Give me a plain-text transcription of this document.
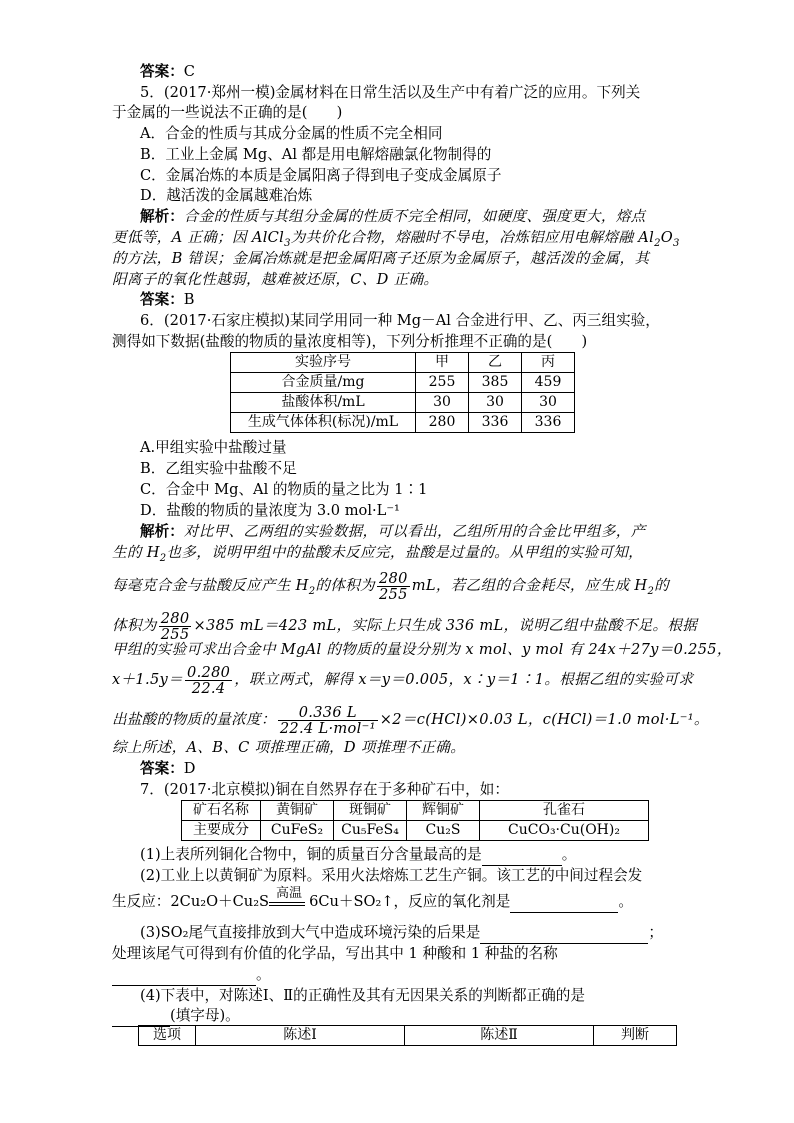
答案：C
5．(2017·郑州一模)金属材料在日常生活以及生产中有着广泛的应用。下列关
于金属的一些说法不正确的是(　　)
A．合金的性质与其成分金属的性质不完全相同
B．工业上金属 Mg、Al 都是用电解熔融氯化物制得的
C．金属冶炼的本质是金属阳离子得到电子变成金属原子
D．越活泼的金属越难冶炼
解析：合金的性质与其组分金属的性质不完全相同，如硬度、强度更大，熔点
更低等，A 正确；因 AlCl$_3$为共价化合物，熔融时不导电，冶炼铝应用电解熔融 $Al_2O_3$
的方法，B 错误；金属冶炼就是把金属阳离子还原为金属原子，越活泼的金属，其
阳离子的氧化性越弱，越难被还原，C、D 正确。
答案：B
6．(2017·石家庄模拟)某同学用同一种 Mg－Al 合金进行甲、乙、丙三组实验，
测得如下数据(盐酸的物质的量浓度相等)，下列分析推理不正确的是(　　)
实验序号	甲	乙	丙
合金质量/mg	255	385	459
盐酸体积/mL	30	30	30
生成气体体积(标况)/mL	280	336	336
A.甲组实验中盐酸过量
B．乙组实验中盐酸不足
C．合金中 Mg、Al 的物质的量之比为 1∶1
D．盐酸的物质的量浓度为 3.0 mol·L⁻¹
解析：对比甲、乙两组的实验数据，可以看出，乙组所用的合金比甲组多，产
生的 $H_2$也多，说明甲组中的盐酸未反应完，盐酸是过量的。从甲组的实验可知，
每毫克合金与盐酸反应产生 $H_2$的体积为 $\frac{280}{255}$ mL，若乙组的合金耗尽，应生成 $H_2$的
体积为 $\frac{280}{255} \times 385$ mL＝423 mL，实际上只生成 336 mL，说明乙组中盐酸不足。根据
甲组的实验可求出合金中 MgAl 的物质的量设分别为 x mol、y mol 有 24x＋27y＝0.255，
$x+1.5y= \frac{0.280}{22.4}$ ，联立两式，解得 x＝y＝0.005，x∶y＝1∶1。根据乙组的实验可求
出盐酸的物质的量浓度： $\frac{0.336 L}{\text{22.4 L·mol⁻¹}} \times 2=c(HCl)\times 0.03$ L，c(HCl)＝1.0 mol·L⁻¹。
综上所述，A、B、C 项推理正确，D 项推理不正确。
答案：D
7．(2017·北京模拟)铜在自然界存在于多种矿石中，如：
矿石名称	黄铜矿	斑铜矿	辉铜矿	孔雀石
主要成分	CuFeS₂	Cu₅FeS₄	Cu₂S	CuCO₃·Cu(OH)₂
(1)上表所列铜化合物中，铜的质量百分含量最高的是	。
(2)工业上以黄铜矿为原料。采用火法熔炼工艺生产铜。该工艺的中间过程会发
生反应：2Cu₂O＋Cu₂S 高温 6Cu＋SO₂↑，反应的氧化剂是	。
(3)SO₂尾气直接排放到大气中造成环境污染的后果是	；
处理该尾气可得到有价值的化学品，写出其中 1 种酸和 1 种盐的名称
。
(4)下表中，对陈述Ⅰ、Ⅱ的正确性及其有无因果关系的判断都正确的是
(填字母)。
选项	陈述Ⅰ	陈述Ⅱ	判断
